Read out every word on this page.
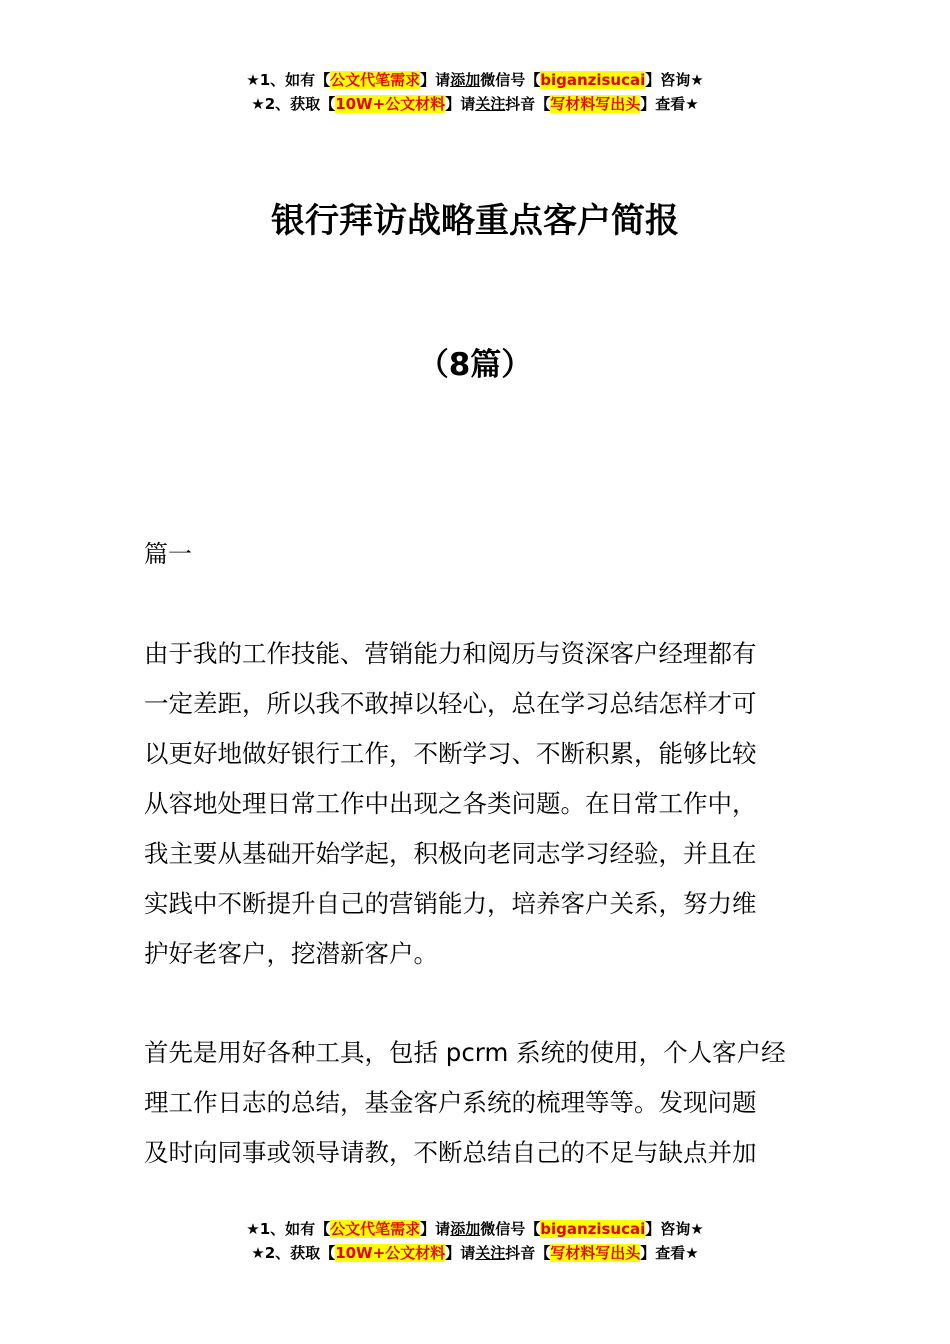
★1、如有【公文代笔需求】请添加微信号【biganzisucai】咨询★
★2、获取【10W+公文材料】请关注抖音【写材料写出头】查看★
银行拜访战略重点客户简报
（8篇）
篇一

由于我的工作技能、营销能力和阅历与资深客户经理都有
一定差距，所以我不敢掉以轻心，总在学习总结怎样才可
以更好地做好银行工作，不断学习、不断积累，能够比较
从容地处理日常工作中出现之各类问题。在日常工作中，
我主要从基础开始学起，积极向老同志学习经验，并且在
实践中不断提升自己的营销能力，培养客户关系，努力维
护好老客户，挖潜新客户。

首先是用好各种工具，包括 pcrm 系统的使用，个人客户经
理工作日志的总结，基金客户系统的梳理等等。发现问题
及时向同事或领导请教，不断总结自己的不足与缺点并加

★1、如有【公文代笔需求】请添加微信号【biganzisucai】咨询★
★2、获取【10W+公文材料】请关注抖音【写材料写出头】查看★
